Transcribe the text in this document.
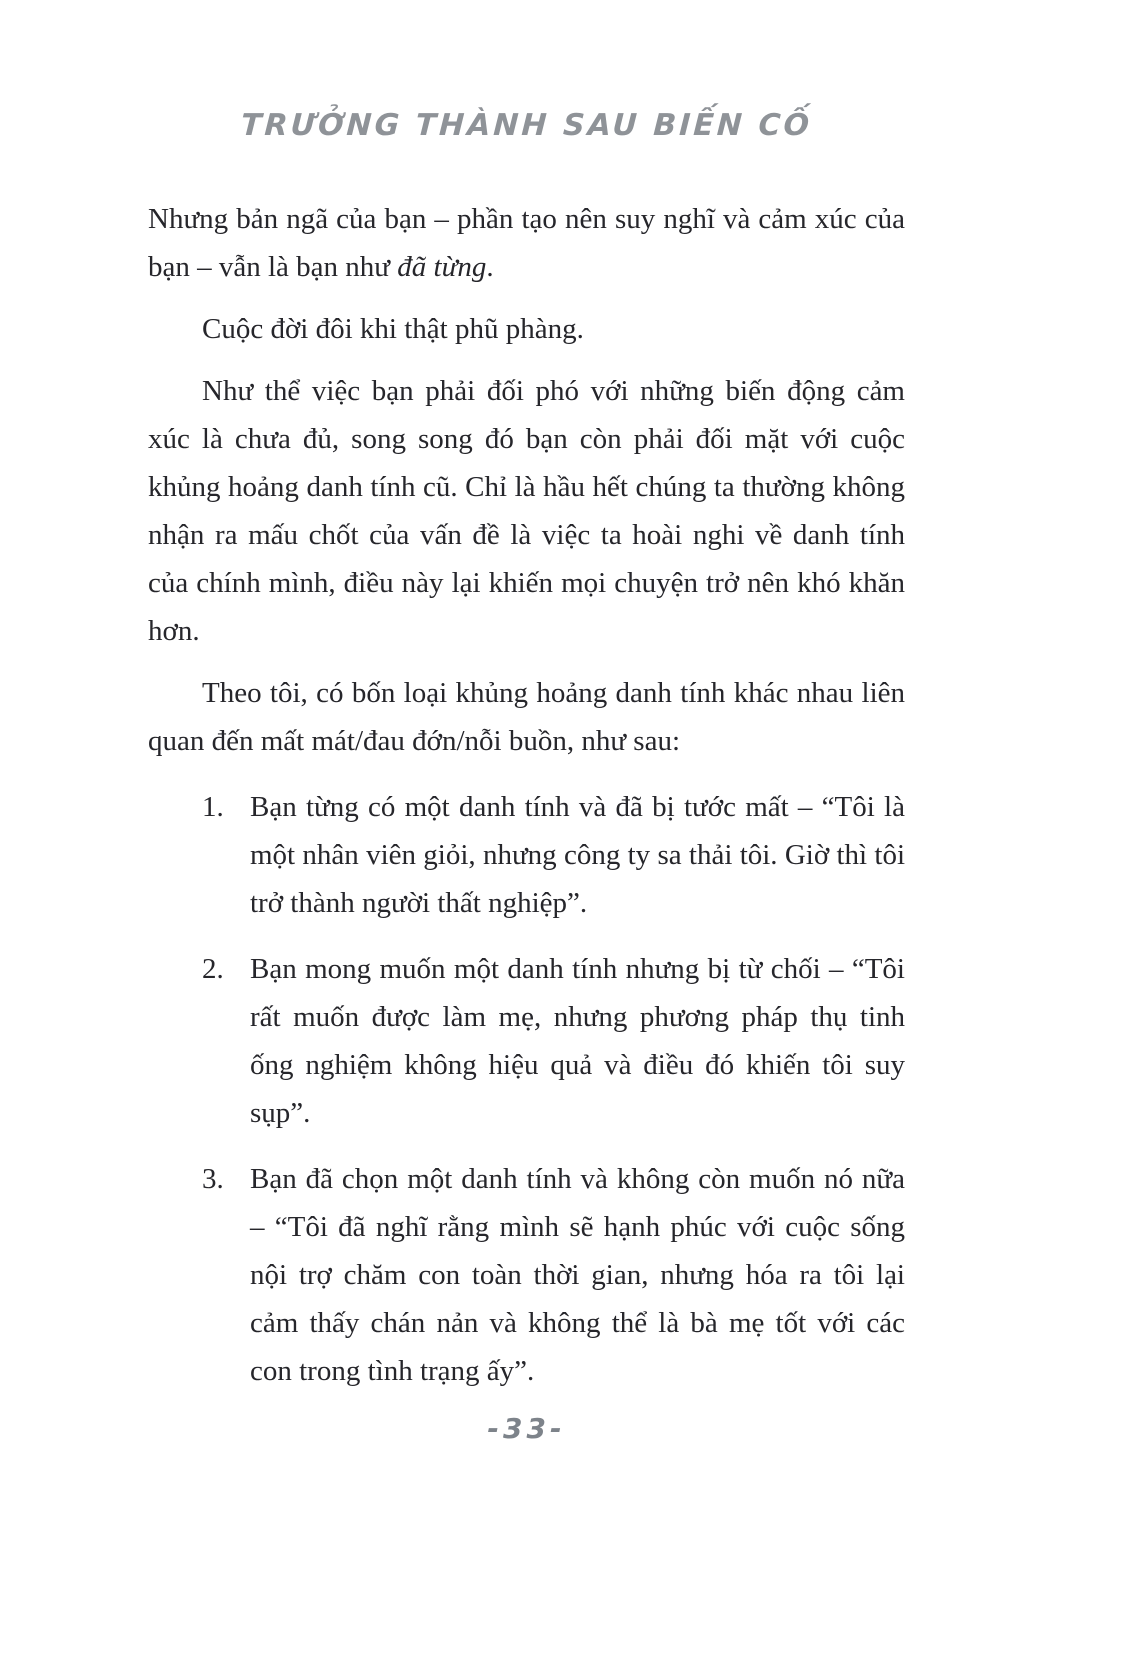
TRƯỞNG THÀNH SAU BIẾN CỐ

Nhưng bản ngã của bạn – phần tạo nên suy nghĩ và cảm xúc của bạn – vẫn là bạn như đã từng.

Cuộc đời đôi khi thật phũ phàng.

Như thể việc bạn phải đối phó với những biến động cảm xúc là chưa đủ, song song đó bạn còn phải đối mặt với cuộc khủng hoảng danh tính cũ. Chỉ là hầu hết chúng ta thường không nhận ra mấu chốt của vấn đề là việc ta hoài nghi về danh tính của chính mình, điều này lại khiến mọi chuyện trở nên khó khăn hơn.

Theo tôi, có bốn loại khủng hoảng danh tính khác nhau liên quan đến mất mát/đau đớn/nỗi buồn, như sau:

1. Bạn từng có một danh tính và đã bị tước mất – “Tôi là một nhân viên giỏi, nhưng công ty sa thải tôi. Giờ thì tôi trở thành người thất nghiệp”.
2. Bạn mong muốn một danh tính nhưng bị từ chối – “Tôi rất muốn được làm mẹ, nhưng phương pháp thụ tinh ống nghiệm không hiệu quả và điều đó khiến tôi suy sụp”.
3. Bạn đã chọn một danh tính và không còn muốn nó nữa – “Tôi đã nghĩ rằng mình sẽ hạnh phúc với cuộc sống nội trợ chăm con toàn thời gian, nhưng hóa ra tôi lại cảm thấy chán nản và không thể là bà mẹ tốt với các con trong tình trạng ấy”.
-33-
